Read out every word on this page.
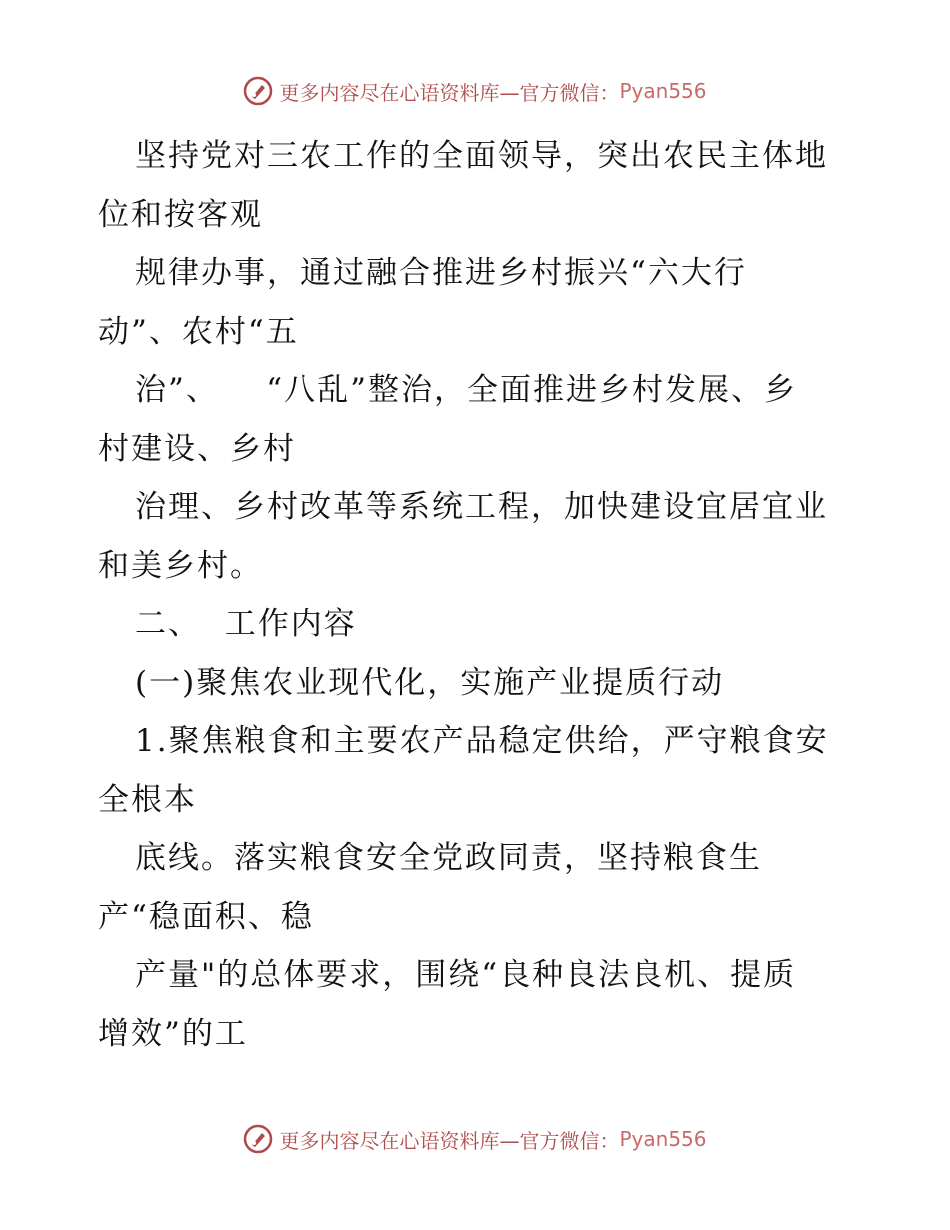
更多内容尽在心语资料库—官方微信： Pyan556
坚持党对三农工作的全面领导，突出农民主体地
位和按客观
规律办事，通过融合推进乡村振兴“六大行
动”、农村“五
治”、    “八乱”整治，全面推进乡村发展、乡
村建设、乡村
治理、乡村改革等系统工程，加快建设宜居宜业
和美乡村。
二、  工作内容
(一)聚焦农业现代化，实施产业提质行动
1.聚焦粮食和主要农产品稳定供给，严守粮食安
全根本
底线。落实粮食安全党政同责，坚持粮食生
产“稳面积、稳
产量"的总体要求，围绕“良种良法良机、提质
增效”的工
更多内容尽在心语资料库—官方微信： Pyan556
